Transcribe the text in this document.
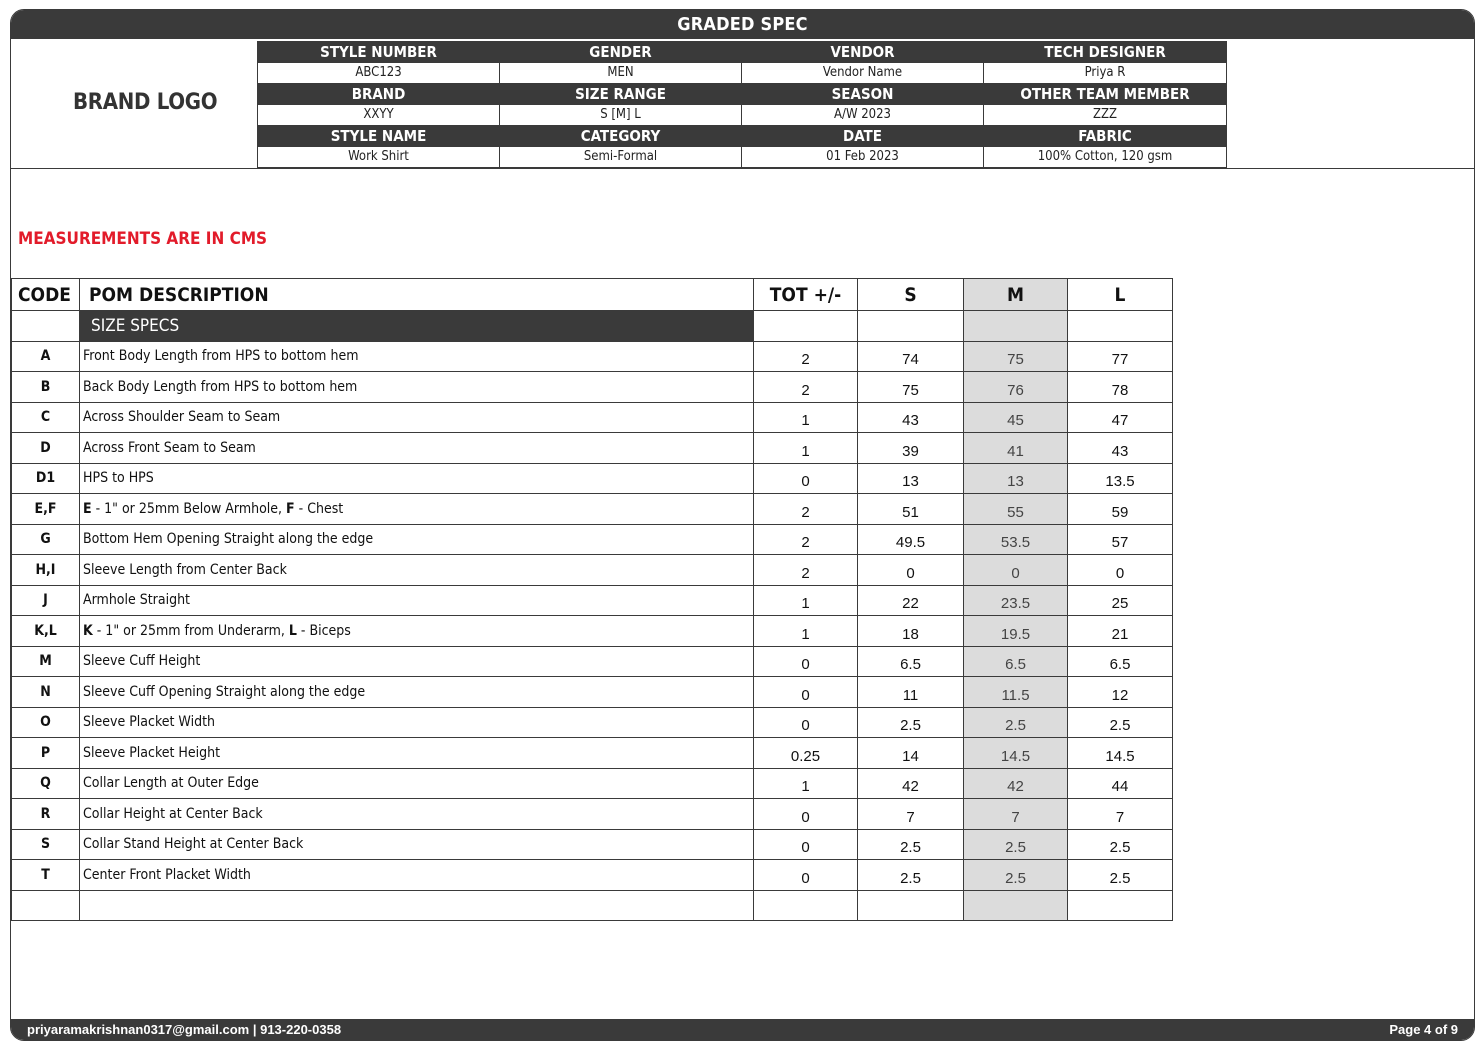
GRADED SPEC
BRAND LOGO
STYLE NUMBER	GENDER	VENDOR	TECH DESIGNER
ABC123	MEN	Vendor Name	Priya R
BRAND	SIZE RANGE	SEASON	OTHER TEAM MEMBER
XXYY	S [M] L	A/W 2023	ZZZ
STYLE NAME	CATEGORY	DATE	FABRIC
Work Shirt	Semi-Formal	01 Feb 2023	100% Cotton, 120 gsm
MEASUREMENTS ARE IN CMS
CODE	POM DESCRIPTION	TOT +/-	S	M	L
	SIZE SPECS				
A	Front Body Length from HPS to bottom hem	2	74	75	77
B	Back Body Length from HPS to bottom hem	2	75	76	78
C	Across Shoulder Seam to Seam	1	43	45	47
D	Across Front Seam to Seam	1	39	41	43
D1	HPS to HPS	0	13	13	13.5
E,F	E - 1" or 25mm Below Armhole, F - Chest	2	51	55	59
G	Bottom Hem Opening Straight along the edge	2	49.5	53.5	57
H,I	Sleeve Length from Center Back	2	0	0	0
J	Armhole Straight	1	22	23.5	25
K,L	K - 1" or 25mm from Underarm, L - Biceps	1	18	19.5	21
M	Sleeve Cuff Height	0	6.5	6.5	6.5
N	Sleeve Cuff Opening Straight along the edge	0	11	11.5	12
O	Sleeve Placket Width	0	2.5	2.5	2.5
P	Sleeve Placket Height	0.25	14	14.5	14.5
Q	Collar Length at Outer Edge	1	42	42	44
R	Collar Height at Center Back	0	7	7	7
S	Collar Stand Height at Center Back	0	2.5	2.5	2.5
T	Center Front Placket Width	0	2.5	2.5	2.5

priyaramakrishnan0317@gmail.com | 913-220-0358	Page 4 of 9
